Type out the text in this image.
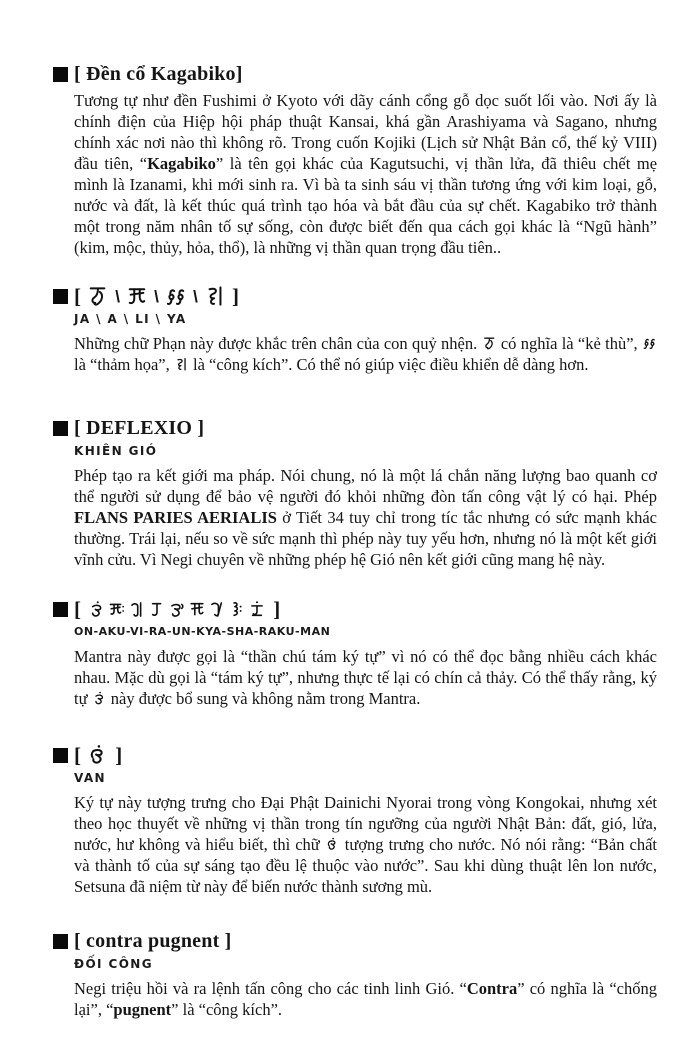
[ Đền cổ Kagabiko]

Tương tự như đền Fushimi ở Kyoto với dãy cánh cổng gỗ dọc suốt lối vào. Nơi ấy là chính điện của Hiệp hội pháp thuật Kansai, khá gần Arashiyama và Sagano, nhưng chính xác nơi nào thì không rõ. Trong cuốn Kojiki (Lịch sử Nhật Bản cổ, thế kỷ VIII) đầu tiên, “Kagabiko” là tên gọi khác của Kagutsuchi, vị thần lửa, đã thiêu chết mẹ mình là Izanami, khi mới sinh ra. Vì bà ta sinh sáu vị thần tương ứng với kim loại, gỗ, nước và đất, là kết thúc quá trình tạo hóa và bắt đầu của sự chết. Kagabiko trở thành một trong năm nhân tố sự sống, còn được biết đến qua cách gọi khác là “Ngũ hành” (kim, mộc, thủy, hỏa, thổ), là những vị thần quan trọng đầu tiên..

[ \ \ \ ]
JA \ A \ LI \ YA

Những chữ Phạn này được khắc trên chân của con quỷ nhện.  có nghĩa là “kẻ thù”,  là “thảm họa”,  là “công kích”. Có thể nó giúp việc điều khiển dễ dàng hơn.

[ DEFLEXIO ]
KHIÊN GIÓ

Phép tạo ra kết giới ma pháp. Nói chung, nó là một lá chắn năng lượng bao quanh cơ thể người sử dụng để bảo vệ người đó khỏi những đòn tấn công vật lý có hại. Phép FLANS PARIES AERIALIS ở Tiết 34 tuy chỉ trong tíc tắc nhưng có sức mạnh khác thường. Trái lại, nếu so về sức mạnh thì phép này tuy yếu hơn, nhưng nó là một kết giới vĩnh cửu. Vì Negi chuyên về những phép hệ Gió nên kết giới cũng mang hệ này.

[	]
ON-AKU-VI-RA-UN-KYA-SHA-RAKU-MAN

Mantra này được gọi là “thần chú tám ký tự” vì nó có thể đọc bằng nhiều cách khác nhau. Mặc dù gọi là “tám ký tự”, nhưng thực tế lại có chín cả thảy. Có thể thấy rằng, ký tự  này được bổ sung và không nằm trong Mantra.

[ ]
VAN

Ký tự này tượng trưng cho Đại Phật Dainichi Nyorai trong vòng Kongokai, nhưng xét theo học thuyết về những vị thần trong tín ngưỡng của người Nhật Bản: đất, gió, lửa, nước, hư không và hiểu biết, thì chữ  tượng trưng cho nước. Nó nói rằng: “Bản chất và thành tố của sự sáng tạo đều lệ thuộc vào nước”. Sau khi dùng thuật lên lon nước, Setsuna đã niệm từ này để biến nước thành sương mù.

[ contra pugnent ]
ĐỐI CÔNG

Negi triệu hồi và ra lệnh tấn công cho các tinh linh Gió. “Contra” có nghĩa là “chống lại”, “pugnent” là “công kích”.
